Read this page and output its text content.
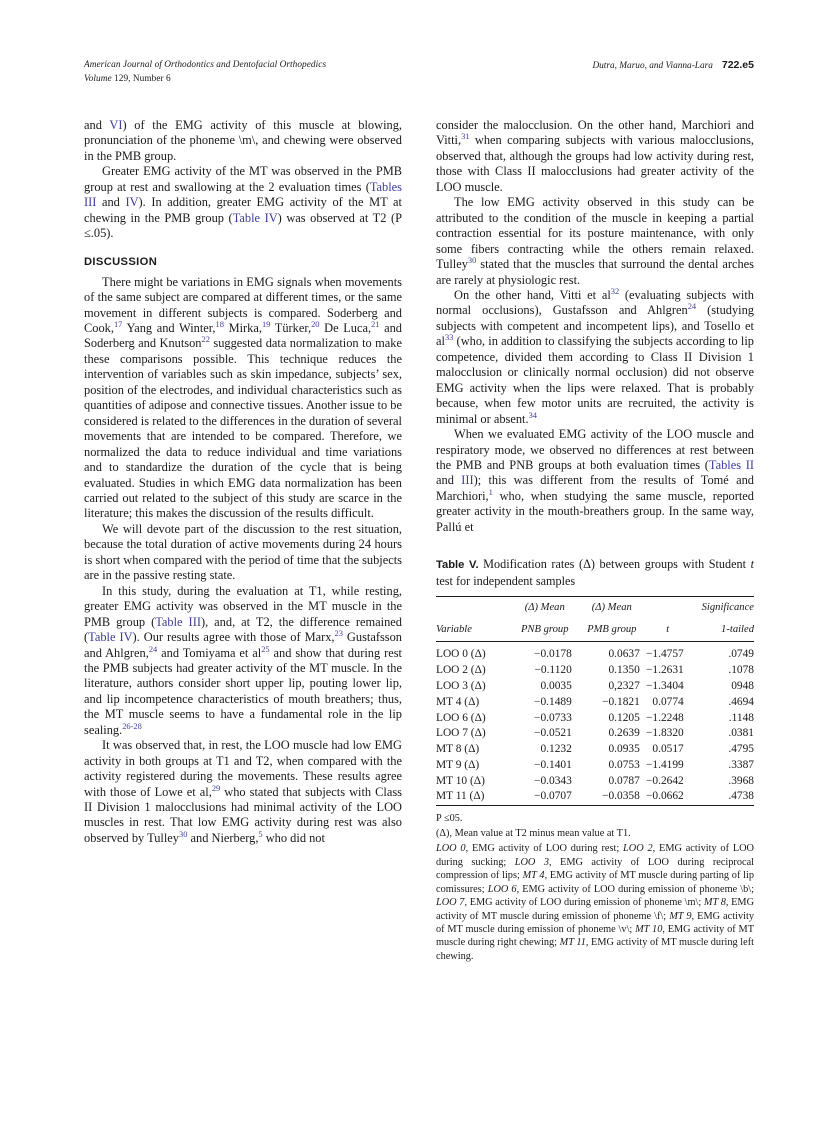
American Journal of Orthodontics and Dentofacial Orthopedics
Volume 129, Number 6
Dutra, Maruo, and Vianna-Lara 722.e5

and VI) of the EMG activity of this muscle at blowing, pronunciation of the phoneme \m\, and chewing were observed in the PMB group.

Greater EMG activity of the MT was observed in the PMB group at rest and swallowing at the 2 evaluation times (Tables III and IV). In addition, greater EMG activity of the MT at chewing in the PMB group (Table IV) was observed at T2 (P ≤.05).

DISCUSSION

There might be variations in EMG signals when movements of the same subject are compared at different times, or the same movement in different subjects is compared. Soderberg and Cook,$^{17}$ Yang and Winter,$^{18}$ Mirka,$^{19}$ Türker,$^{20}$ De Luca,$^{21}$ and Soderberg and Knutson$^{22}$ suggested data normalization to make these comparisons possible. This technique reduces the intervention of variables such as skin impedance, subjects’ sex, position of the electrodes, and individual characteristics such as quantities of adipose and connective tissues. Another issue to be considered is related to the differences in the duration of several movements that are intended to be compared. Therefore, we normalized the data to reduce individual and time variations and to standardize the duration of the cycle that is being evaluated. Studies in which EMG data normalization has been carried out related to the subject of this study are scarce in the literature; this makes the discussion of the results difficult.

We will devote part of the discussion to the rest situation, because the total duration of active movements during 24 hours is short when compared with the period of time that the subjects are in the passive resting state.

In this study, during the evaluation at T1, while resting, greater EMG activity was observed in the MT muscle in the PMB group (Table III), and, at T2, the difference remained (Table IV). Our results agree with those of Marx,$^{23}$ Gustafsson and Ahlgren,$^{24}$ and Tomiyama et al$^{25}$ and show that during rest the PMB subjects had greater activity of the MT muscle. In the literature, authors consider short upper lip, pouting lower lip, and lip incompetence characteristics of mouth breathers; thus, the MT muscle seems to have a fundamental role in the lip sealing.$^{26-28}$

It was observed that, in rest, the LOO muscle had low EMG activity in both groups at T1 and T2, when compared with the activity registered during the movements. These results agree with those of Lowe et al,$^{29}$ who stated that subjects with Class II Division 1 malocclusions had minimal activity of the LOO muscles in rest. That low EMG activity during rest was also observed by Tulley$^{30}$ and Nierberg,$^5$ who did not

consider the malocclusion. On the other hand, Marchiori and Vitti,$^{31}$ when comparing subjects with various malocclusions, observed that, although the groups had low activity during rest, those with Class II malocclusions had greater activity of the LOO muscle.

The low EMG activity observed in this study can be attributed to the condition of the muscle in keeping a partial contraction essential for its posture maintenance, with only some fibers contracting while the others remain relaxed. Tulley$^{30}$ stated that the muscles that surround the dental arches are rarely at physiologic rest.

On the other hand, Vitti et al$^{32}$ (evaluating subjects with normal occlusions), Gustafsson and Ahlgren$^{24}$ (studying subjects with competent and incompetent lips), and Tosello et al$^{33}$ (who, in addition to classifying the subjects according to lip competence, divided them according to Class II Division 1 malocclusion or clinically normal occlusion) did not observe EMG activity when the lips were relaxed. That is probably because, when few motor units are recruited, the activity is minimal or absent.$^{34}$

When we evaluated EMG activity of the LOO muscle and respiratory mode, we observed no differences at rest between the PMB and PNB groups at both evaluation times (Tables II and III); this was different from the results of Tomé and Marchiori,$^1$ who, when studying the same muscle, reported greater activity in the mouth-breathers group. In the same way, Pallú et

Table V. Modification rates (Δ) between groups with Student t test for independent samples

	(Δ) Mean	(Δ) Mean		Significance
Variable	PNB group	PMB group	t	1-tailed
LOO 0 (Δ)	−0.0178	0.0637	−1.4757	.0749
LOO 2 (Δ)	−0.1120	0.1350	−1.2631	.1078
LOO 3 (Δ)	0.0035	0,2327	−1.3404	0948
MT 4 (Δ)	−0.1489	−0.1821	0.0774	.4694
LOO 6 (Δ)	−0.0733	0.1205	−1.2248	.1148
LOO 7 (Δ)	−0.0521	0.2639	−1.8320	.0381
MT 8 (Δ)	0.1232	0.0935	0.0517	.4795
MT 9 (Δ)	−0.1401	0.0753	−1.4199	.3387
MT 10 (Δ)	−0.0343	0.0787	−0.2642	.3968
MT 11 (Δ)	−0.0707	−0.0358	−0.0662	.4738

P ≤05.

(Δ), Mean value at T2 minus mean value at T1.

LOO 0, EMG activity of LOO during rest; LOO 2, EMG activity of LOO during sucking; LOO 3, EMG activity of LOO during reciprocal compression of lips; MT 4, EMG activity of MT muscle during parting of lip comissures; LOO 6, EMG activity of LOO during emission of phoneme \b\; LOO 7, EMG activity of LOO during emission of phoneme \m\; MT 8, EMG activity of MT muscle during emission of phoneme \f\; MT 9, EMG activity of MT muscle during emission of phoneme \v\; MT 10, EMG activity of MT muscle during right chewing; MT 11, EMG activity of MT muscle during left chewing.
